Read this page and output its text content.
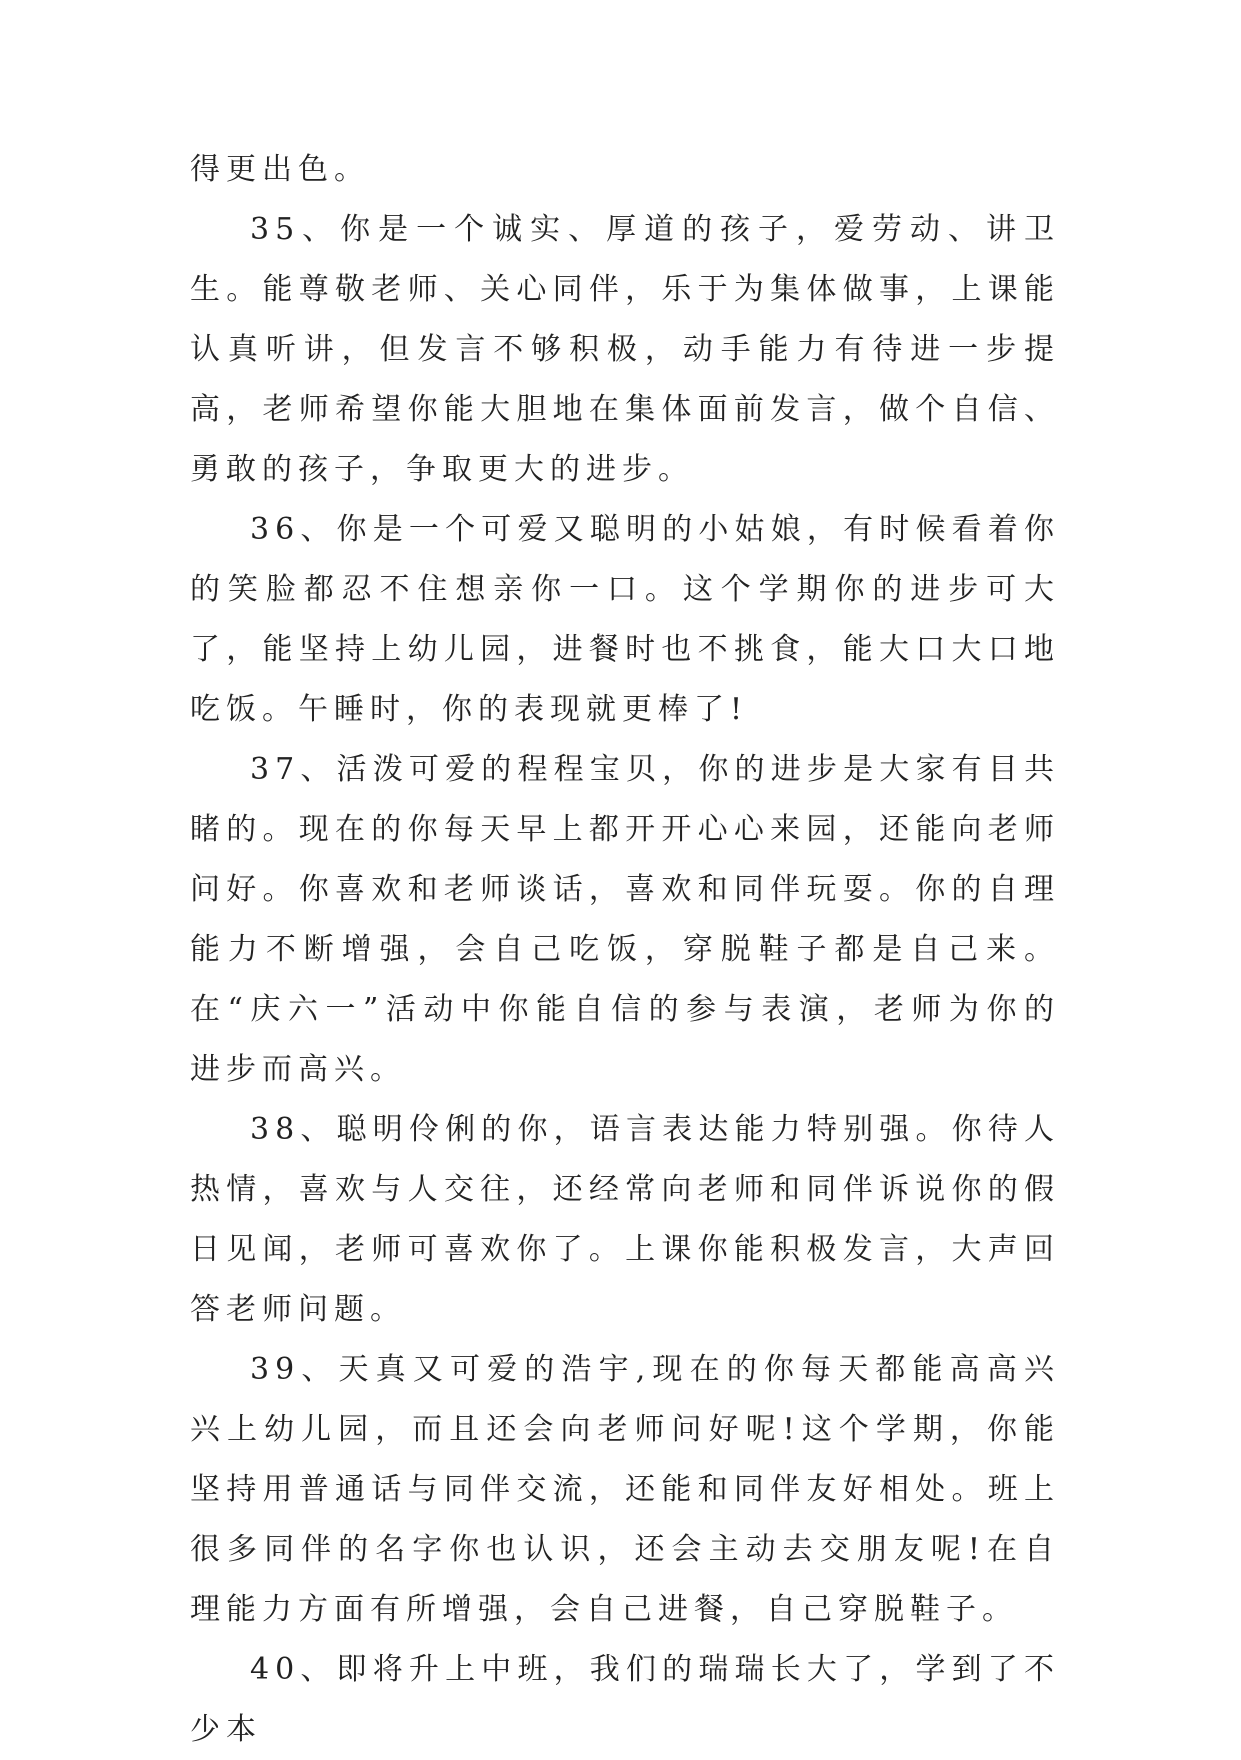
得更出色。

35、你是一个诚实、厚道的孩子，爱劳动、讲卫生。能尊敬老师、关心同伴，乐于为集体做事，上课能认真听讲，但发言不够积极，动手能力有待进一步提高，老师希望你能大胆地在集体面前发言，做个自信、勇敢的孩子，争取更大的进步。

36、你是一个可爱又聪明的小姑娘，有时候看着你的笑脸都忍不住想亲你一口。这个学期你的进步可大了，能坚持上幼儿园，进餐时也不挑食，能大口大口地吃饭。午睡时，你的表现就更棒了!

37、活泼可爱的程程宝贝，你的进步是大家有目共睹的。现在的你每天早上都开开心心来园，还能向老师问好。你喜欢和老师谈话，喜欢和同伴玩耍。你的自理能力不断增强，会自己吃饭，穿脱鞋子都是自己来。在“庆六一”活动中你能自信的参与表演，老师为你的进步而高兴。

38、聪明伶俐的你，语言表达能力特别强。你待人热情，喜欢与人交往，还经常向老师和同伴诉说你的假日见闻，老师可喜欢你了。上课你能积极发言，大声回答老师问题。

39、天真又可爱的浩宇,现在的你每天都能高高兴兴上幼儿园，而且还会向老师问好呢!这个学期，你能坚持用普通话与同伴交流，还能和同伴友好相处。班上很多同伴的名字你也认识，还会主动去交朋友呢!在自理能力方面有所增强，会自己进餐，自己穿脱鞋子。

40、即将升上中班，我们的瑞瑞长大了，学到了不少本
